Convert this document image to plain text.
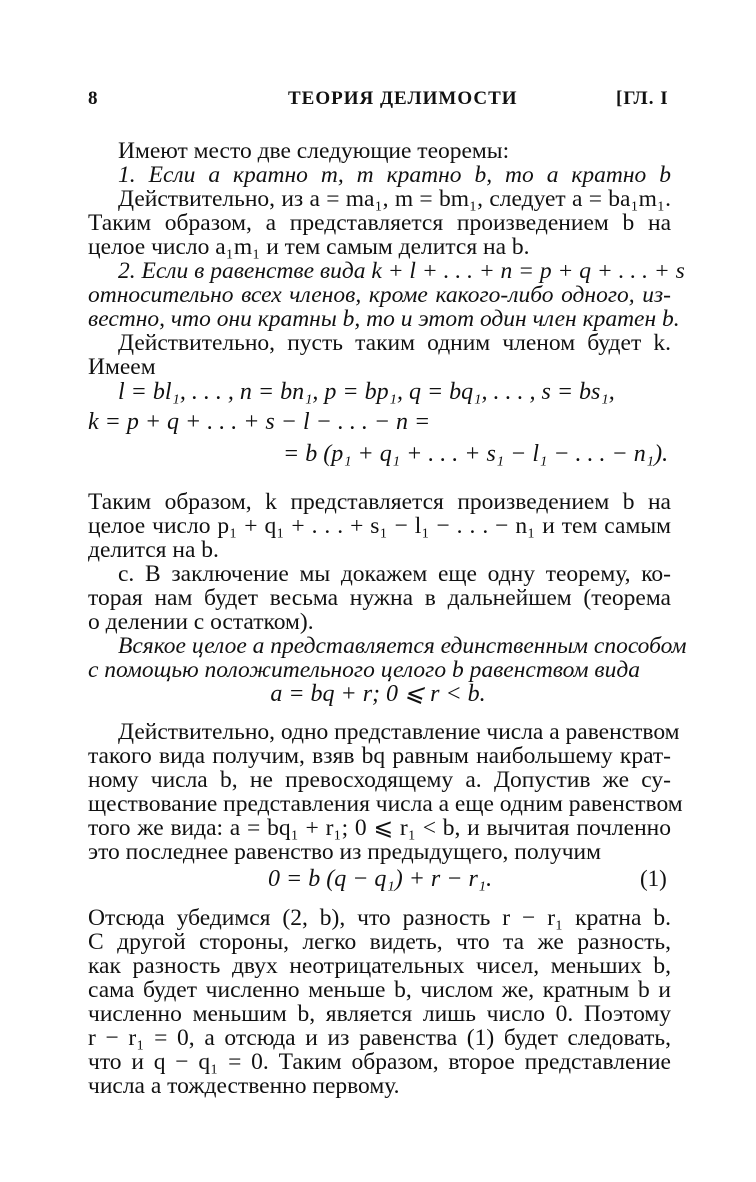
8	ТЕОРИЯ ДЕЛИМОСТИ	[ГЛ. I
Имеют место две следующие теоремы:
1. Если a кратно m, m кратно b, то a кратно b
Действительно, из a = ma₁, m = bm₁, следует a = ba₁m₁.
Таким образом, a представляется произведением b на
целое число a₁m₁ и тем самым делится на b.
2. Если в равенстве вида k + l + . . . + n = p + q + . . . + s
относительно всех членов, кроме какого-либо одного, из-
вестно, что они кратны b, то и этот один член кратен b.
Действительно, пусть таким одним членом будет k.
Имеем
l = bl₁, . . . , n = bn₁, p = bp₁, q = bq₁, . . . , s = bs₁,
k = p + q + . . . + s − l − . . . − n =
= b (p₁ + q₁ + . . . + s₁ − l₁ − . . . − n₁).
Таким образом, k представляется произведением b на
целое число p₁ + q₁ + . . . + s₁ − l₁ − . . . − n₁ и тем самым
делится на b.
c. В заключение мы докажем еще одну теорему, ко-
торая нам будет весьма нужна в дальнейшем (теорема
о делении с остатком).
Всякое целое a представляется единственным способом
с помощью положительного целого b равенством вида
a = bq + r; 0 ⩽ r < b.
Действительно, одно представление числа a равенством
такого вида получим, взяв bq равным наибольшему крат-
ному числа b, не превосходящему a. Допустив же су-
ществование представления числа a еще одним равенством
того же вида: a = bq₁ + r₁; 0 ⩽ r₁ < b, и вычитая почленно
это последнее равенство из предыдущего, получим
0 = b (q − q₁) + r − r₁.	(1)
Отсюда убедимся (2, b), что разность r − r₁ кратна b.
С другой стороны, легко видеть, что та же разность,
как разность двух неотрицательных чисел, меньших b,
сама будет численно меньше b, числом же, кратным b и
численно меньшим b, является лишь число 0. Поэтому
r − r₁ = 0, а отсюда и из равенства (1) будет следовать,
что и q − q₁ = 0. Таким образом, второе представление
числа a тождественно первому.
